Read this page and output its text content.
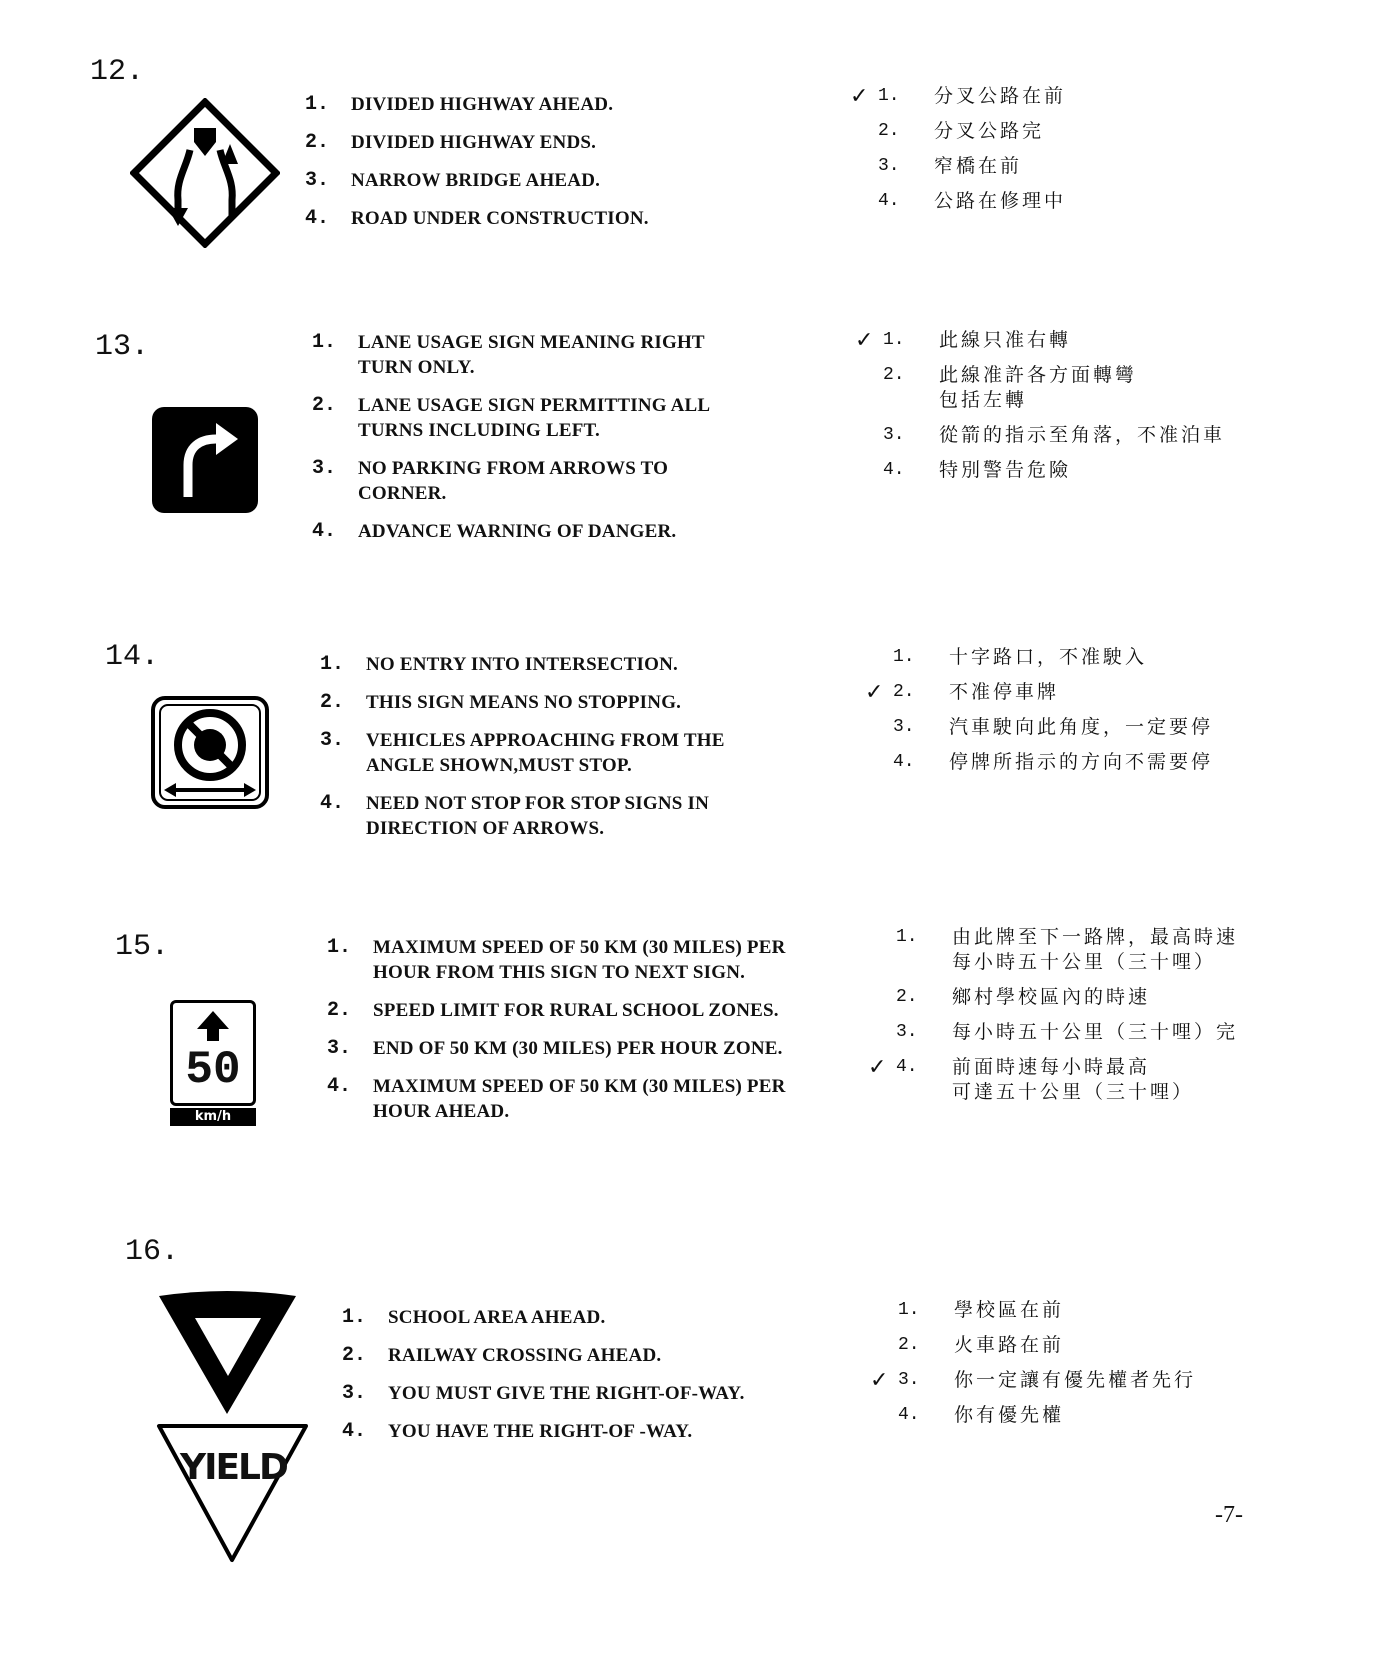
12.
1.	DIVIDED HIGHWAY AHEAD.
2.	DIVIDED HIGHWAY ENDS.
3.	NARROW BRIDGE AHEAD.
4.	ROAD UNDER CONSTRUCTION.
✓ 1.	分叉公路在前
2.	分叉公路完
3.	窄橋在前
4.	公路在修理中
13.	1.	LANE USAGE SIGN MEANING RIGHT TURN ONLY.
2.	LANE USAGE SIGN PERMITTING ALL TURNS INCLUDING LEFT.
3.	NO PARKING FROM ARROWS TO CORNER.
4.	ADVANCE WARNING OF DANGER.
✓ 1.	此線只准右轉
2.	此線准許各方面轉彎
包括左轉
3.	從箭的指示至角落，不准泊車
4.	特別警告危險
14.	1.	NO ENTRY INTO INTERSECTION.
2.	THIS SIGN MEANS NO STOPPING.
3.	VEHICLES APPROACHING FROM THE ANGLE SHOWN,MUST STOP.
4.	NEED NOT STOP FOR STOP SIGNS IN DIRECTION OF ARROWS.
1.	十字路口，不准駛入
✓ 2.	不准停車牌
3.	汽車駛向此角度，一定要停
4.	停牌所指示的方向不需要停
15.
50
km/h
1.	MAXIMUM SPEED OF 50 KM (30 MILES) PER HOUR FROM THIS SIGN TO NEXT SIGN.
2.	SPEED LIMIT FOR RURAL SCHOOL ZONES.
3.	END OF 50 KM (30 MILES) PER HOUR ZONE.
4.	MAXIMUM SPEED OF 50 KM (30 MILES) PER HOUR AHEAD.
1.	由此牌至下一路牌，最高時速
每小時五十公里（三十哩）
2.	鄉村學校區內的時速
3.	每小時五十公里（三十哩）完
✓ 4.	前面時速每小時最高
可達五十公里（三十哩）
16.
YIELD
1.	SCHOOL AREA AHEAD.
2.	RAILWAY CROSSING AHEAD.
3.	YOU MUST GIVE THE RIGHT-OF-WAY.
4.	YOU HAVE THE RIGHT-OF -WAY.
1.	學校區在前
2.	火車路在前
✓ 3.	你一定讓有優先權者先行
4.	你有優先權
-7-
